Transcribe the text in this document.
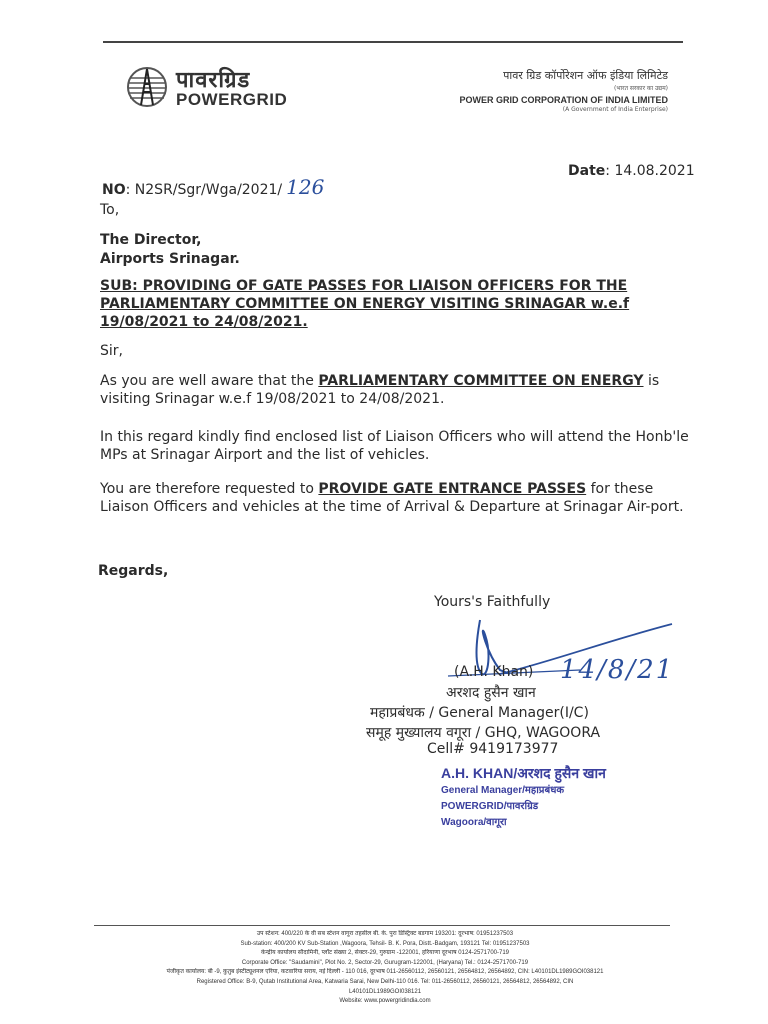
पावरग्रिड
POWERGRID
पावर ग्रिड कॉर्पोरेशन ऑफ इंडिया लिमिटेड
(भारत सरकार का उद्यम)
POWER GRID CORPORATION OF INDIA LIMITED
(A Government of India Enterprise)
Date: 14.08.2021
NO: N2SR/Sgr/Wga/2021/ 126
To,
The Director,
Airports Srinagar.
SUB: PROVIDING OF GATE PASSES FOR LIAISON OFFICERS FOR THE PARLIAMENTARY COMMITTEE ON ENERGY VISITING SRINAGAR w.e.f 19/08/2021 to 24/08/2021.
Sir,
As you are well aware that the PARLIAMENTARY COMMITTEE ON ENERGY is visiting Srinagar w.e.f 19/08/2021 to 24/08/2021.
In this regard kindly find enclosed list of Liaison Officers who will attend the Honb'le MPs at Srinagar Airport and the list of vehicles.
You are therefore requested to PROVIDE GATE ENTRANCE PASSES for these Liaison Officers and vehicles at the time of Arrival & Departure at Srinagar Air-port.
Regards,
Yours's Faithfully
(A.H. Khan)
अरशद हुसैन खान
14/8/21
महाप्रबंधक / General Manager(I/C)
समूह मुख्यालय वगूरा / GHQ, WAGOORA
Cell# 9419173977
A.H. KHAN/अरशद हुसैन खान
General Manager/महाप्रबंधक
POWERGRID/पावरग्रिड
Wagoora/वागूरा
उप स्टेशन: 400/220 के वी सब स्टेशन वागूरा तहसील बी. के. पुरा डिस्ट्रिक्ट बडगाम 193201: दूरभाष: 01951237503
Sub-station: 400/200 KV Sub-Station ,Wagoora, Tehsil- B. K. Pora, Distt.-Badgam, 193121 Tel: 01951237503
केन्द्रीय कार्यालय सौदामिनी, प्लॉट संख्या 2, सेक्टर-29, गुरुग्राम -122001, हरियाणा दूरभाष 0124-2571700-719
Corporate Office: "Saudamini", Plot No. 2, Sector-29, Gurugram-122001, (Haryana) Tel.: 0124-2571700-719
पंजीकृत कार्यालय: बी -9, कुतुब इंस्टीट्यूशनल एरिया, कटवारिया सराय, नई दिल्ली - 110 016, दूरभाष 011-26560112, 26560121, 26564812, 26564892, CIN: L40101DL1989GOI038121
Registered Office: B-9, Qutab Institutional Area, Katwaria Sarai, New Delhi-110 016. Tel: 011-26560112, 26560121, 26564812, 26564892, CIN
L40101DL1989GOI038121
Website: www.powergridindia.com
